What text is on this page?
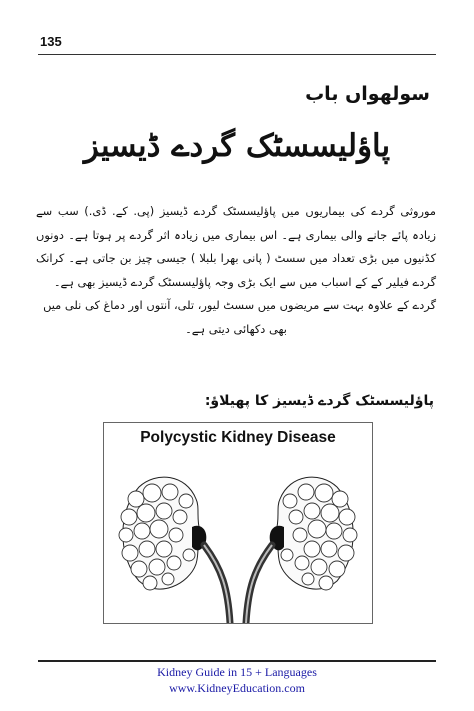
135
سولھواں باب
پاؤلیسسٹک گردے ڈیسیز

موروثی گردے کی بیماریوں میں پاؤلیسسٹک گردے ڈیسیز (پی. کے. ڈی.) سب سے زیادہ پائے جانے والی بیماری ہے۔ اس بیماری میں زیادہ اثر گردے پر ہوتا ہے۔ دونوں کڈنیوں میں بڑی تعداد میں سسٹ ( پانی بھرا بلبلا ) جیسی چیز بن جاتی ہے۔ کرانک گردے فیلیر کے کے اسباب میں سے ایک بڑی وجہ پاؤلیسسٹک گردے ڈیسیز بھی ہے۔

گردے کے علاوہ بہت سے مریضوں میں سسٹ لیور، تلی، آنتوں اور دماغ کی نلی میں

بھی دکھائی دیتی ہے۔

پاؤلیسسٹک گردے ڈیسیز کا پھیلاؤ:
Polycystic Kidney Disease
Kidney Guide in 15 + Languages
www.KidneyEducation.com
